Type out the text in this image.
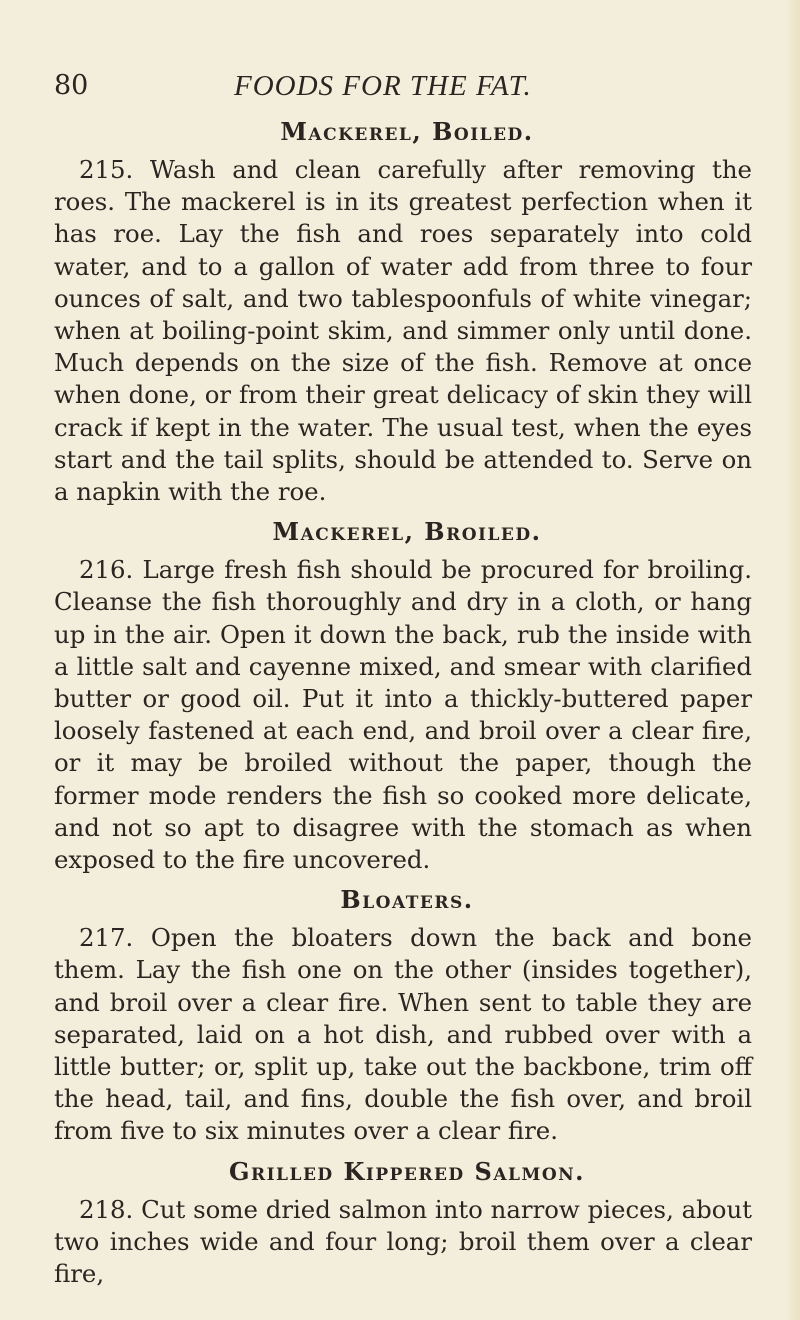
80	FOODS FOR THE FAT.
Mackerel, Boiled.

215. Wash and clean carefully after removing the roes. The mackerel is in its greatest perfection when it has roe. Lay the fish and roes separately into cold water, and to a gallon of water add from three to four ounces of salt, and two tablespoonfuls of white vinegar; when at boiling-point skim, and simmer only until done. Much depends on the size of the fish. Remove at once when done, or from their great delicacy of skin they will crack if kept in the water. The usual test, when the eyes start and the tail splits, should be attended to. Serve on a napkin with the roe.

Mackerel, Broiled.

216. Large fresh fish should be procured for broiling. Cleanse the fish thoroughly and dry in a cloth, or hang up in the air. Open it down the back, rub the inside with a little salt and cayenne mixed, and smear with clarified butter or good oil. Put it into a thickly-buttered paper loosely fastened at each end, and broil over a clear fire, or it may be broiled without the paper, though the former mode renders the fish so cooked more delicate, and not so apt to disagree with the stomach as when exposed to the fire uncovered.

Bloaters.

217. Open the bloaters down the back and bone them. Lay the fish one on the other (insides together), and broil over a clear fire. When sent to table they are separated, laid on a hot dish, and rubbed over with a little butter; or, split up, take out the backbone, trim off the head, tail, and fins, double the fish over, and broil from five to six minutes over a clear fire.

Grilled Kippered Salmon.

218. Cut some dried salmon into narrow pieces, about two inches wide and four long; broil them over a clear fire,
